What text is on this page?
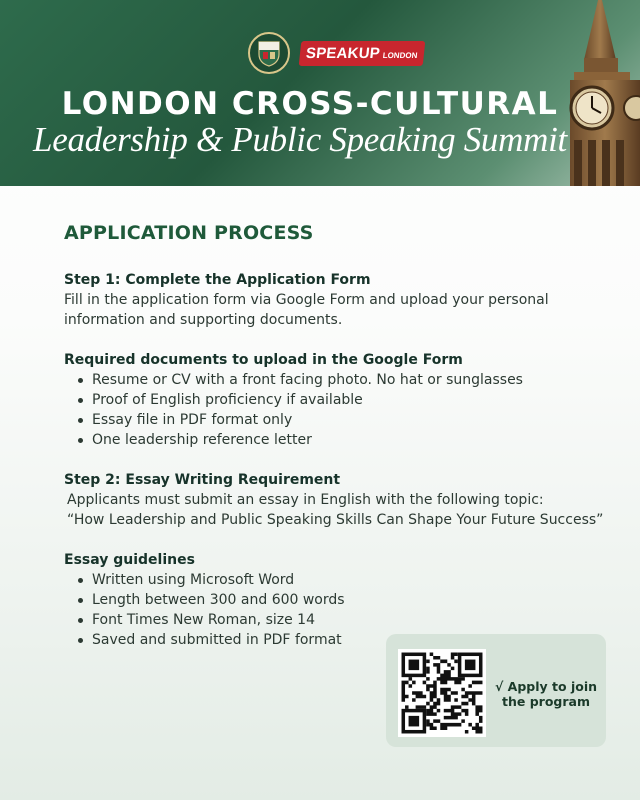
SPEAKUP LONDON
LONDON CROSS-CULTURAL
Leadership & Public Speaking Summit
APPLICATION PROCESS
Step 1: Complete the Application Form
Fill in the application form via Google Form and upload your personal information and supporting documents.
Required documents to upload in the Google Form
Resume or CV with a front facing photo. No hat or sunglasses
Proof of English proficiency if available
Essay file in PDF format only
One leadership reference letter
Step 2: Essay Writing Requirement
Applicants must submit an essay in English with the following topic:
“How Leadership and Public Speaking Skills Can Shape Your Future Success”
Essay guidelines
Written using Microsoft Word
Length between 300 and 600 words
Font Times New Roman, size 14
Saved and submitted in PDF format
√ Apply to join the program
